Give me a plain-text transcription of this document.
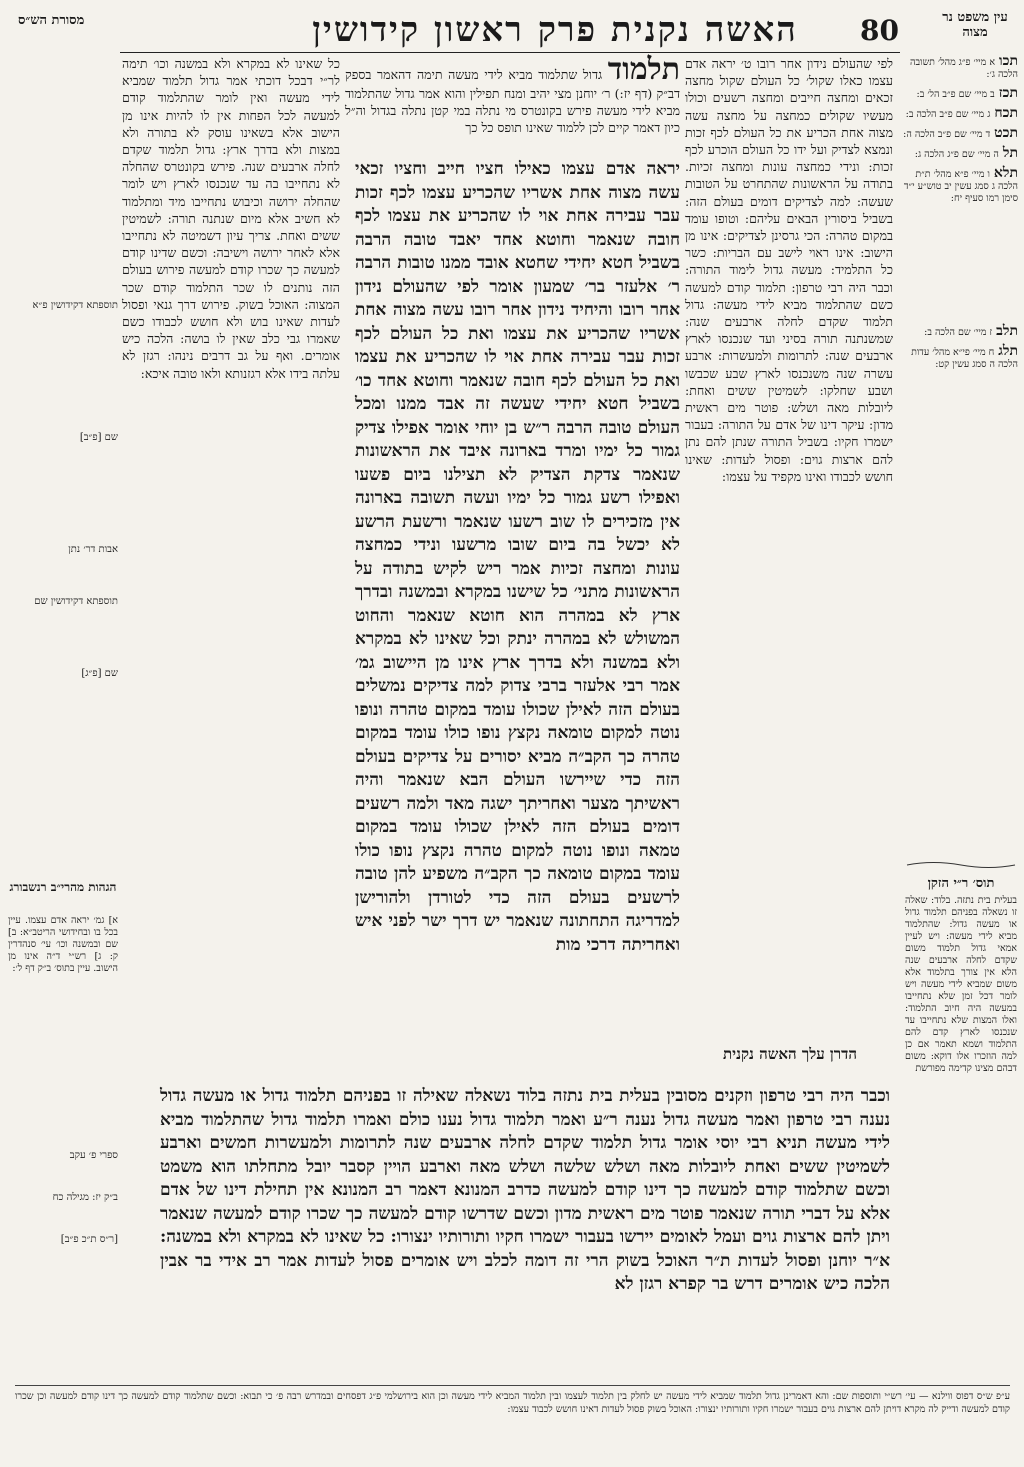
מסורת הש״ס	האשה נקנית פרק ראשון קידושין	80	עין משפט נר מצוה
תכוא מיי׳ פ״ג מהל׳ תשובה הלכה ג׳:
תכזב מיי׳ שם פ״ב הל׳ ב:
תכחג מיי׳ שם פ״ב הלכה ב:
תכטד מיי׳ שם פ״ב הלכה ה:
תלה מיי׳ שם פ״ג הלכה ג:
תלאו מיי׳ פ״א מהל׳ ת״ת הלכה ג סמג עשין יב טוש״ע י״ד סימן רמו סעיף יח:
תלבז מיי׳ שם הלכה ב:
תלגח מיי׳ פי״א מהל׳ עדות הלכה ה סמג עשין קט:
תוספתא דקידושין פ״א
שם [פ״ב]
אבות דר׳ נתן
תוספתא דקידושין שם
שם [פ״ג]
ספרי פ׳ עקב
ב״ק יז: מגילה כח
[ר״ס ת״כ פ״ב]
הגהות מהרי״ב רנשבורג
א] גמ׳ יראה אדם עצמו. עיין בכל בו ובחידושי הריטב״א: ב] שם ובמשנה וכו׳ עי׳ סנהדרין ק: ג] רש״י ד״ה אינו מן הישוב. עיין בתוס׳ ב״ק דף ל׳:
לפי שהעולם נידון אחר רובו ט׳ יראה אדם עצמו כאלו שקול׳ כל העולם שקול מחצה זכאים ומחצה חייבים ומחצה רשעים וכולו מעשיו שקולים כמחצה על מחצה עשה מצוה אחת הכריע את כל העולם לכף זכות ונמצא לצדיק ועל ידו כל העולם הוכרע לכף זכות: ונידי כמחצה עונות ומחצה זכיות. בתודה על הראשונות שהתחרט על הטובות שעשה: למה לצדיקים דומים בעולם הזה: בשביל ביסורין הבאים עליהם: וטופו עומד במקום טהרה: הכי גרסינן לצדיקים: אינו מן הישוב: אינו ראוי לישב עם הבריות: כשר כל התלמיד: מעשה גדול לימוד התורה: וכבר היה רבי טרפון: תלמוד קודם למעשה כשם שהתלמוד מביא לידי מעשה: גדול תלמוד שקדם לחלה ארבעים שנה: שמשנתנה תורה בסיני ועד שנכנסו לארץ ארבעים שנה: לתרומות ולמעשרות: ארבע עשרה שנה משנכנסו לארץ שבע שכבשו ושבע שחלקו: לשמיטין ששים ואחת: ליובלות מאה ושלש: פוטר מים ראשית מדון: עיקר דינו של אדם על התורה: בעבור ישמרו חקיו: בשביל התורה שנתן להם נתן להם ארצות גוים: ופסול לעדות: שאינו חושש לכבודו ואינו מקפיד על עצמו:
כל שאינו לא במקרא ולא במשנה וכו׳ תימה לר״י דבכל דוכתי אמר גדול תלמוד שמביא לידי מעשה ואין לומר שהתלמוד קודם למעשה לכל הפחות אין לו להיות אינו מן הישוב אלא בשאינו עוסק לא בתורה ולא במצות ולא בדרך ארץ: גדול תלמוד שקדם לחלה ארבעים שנה. פירש בקונטרס שהחלה לא נתחייבו בה עד שנכנסו לארץ ויש לומר שהחלה ירושה וכיבוש נתחייבו מיד ומתלמוד לא חשיב אלא מיום שנתנה תורה: לשמיטין ששים ואחת. צריך עיון דשמיטה לא נתחייבו אלא לאחר ירושה וישיבה: וכשם שדינו קודם למעשה כך שכרו קודם למעשה פירוש בעולם הזה נותנים לו שכר התלמוד קודם שכר המצוה: האוכל בשוק. פירוש דרך גנאי ופסול לעדות שאינו בוש ולא חושש לכבודו כשם שאמרו גבי כלב שאין לו בושה: הלכה כיש אומרים. ואף על גב דרבים נינהו: רגזן לא עלתה בידו אלא רגזנותא ולאו טובה איכא:
תלמוד גדול שתלמוד מביא לידי מעשה תימה דהאמר בספק דב״ק (דף יז:) ר׳ יוחנן מצי יהיב ומנח תפילין והוא אמר גדול שהתלמוד מביא לידי מעשה פירש בקונטרס מי נתלה במי קטן נתלה בגדול וה״ל כיון דאמר קיים לכן ללמוד שאינו תופס כל כך
יראה אדם עצמו כאילו חציו חייב וחציו זכאי עשה מצוה אחת אשריו שהכריע עצמו לכף זכות עבר עבירה אחת אוי לו שהכריע את עצמו לכף חובה שנאמר וחוטא אחד יאבד טובה הרבה בשביל חטא יחידי שחטא אובד ממנו טובות הרבה ר׳ אלעזר בר׳ שמעון אומר לפי שהעולם נידון אחר רובו והיחיד נידון אחר רובו עשה מצוה אחת אשריו שהכריע את עצמו ואת כל העולם לכף זכות עבר עבירה אחת אוי לו שהכריע את עצמו ואת כל העולם לכף חובה שנאמר וחוטא אחד כו׳ בשביל חטא יחידי שעשה זה אבד ממנו ומכל העולם טובה הרבה ר״ש בן יוחי אומר אפילו צדיק גמור כל ימיו ומרד בארונה איבד את הראשונות שנאמר צדקת הצדיק לא תצילנו ביום פשעו ואפילו רשע גמור כל ימיו ועשה תשובה בארונה אין מזכירים לו שוב רשעו שנאמר ורשעת הרשע לא יכשל בה ביום שובו מרשעו ונידי כמחצה עונות ומחצה זכיות אמר ריש לקיש בתודה על הראשונות מתני׳ כל שישנו במקרא ובמשנה ובדרך ארץ לא במהרה הוא חוטא שנאמר והחוט המשולש לא במהרה ינתק וכל שאינו לא במקרא ולא במשנה ולא בדרך ארץ אינו מן היישוב גמ׳ אמר רבי אלעזר ברבי צדוק למה צדיקים נמשלים בעולם הזה לאילן שכולו עומד במקום טהרה ונופו נוטה למקום טומאה נקצץ נופו כולו עומד במקום טהרה כך הקב״ה מביא יסורים על צדיקים בעולם הזה כדי שיירשו העולם הבא שנאמר והיה ראשיתך מצער ואחריתך ישגה מאד ולמה רשעים דומים בעולם הזה לאילן שכולו עומד במקום טמאה ונופו נוטה למקום טהרה נקצץ נופו כולו עומד במקום טומאה כך הקב״ה משפיע להן טובה לרשעים בעולם הזה כדי לטורדן ולהורישן למדריגה התחתונה שנאמר יש דרך ישר לפני איש ואחריתה דרכי מות
הדרן עלך האשה נקנית
תוס׳ ר״י הזקן
בעלית בית נתזה. בלוד: שאלה זו נשאלה בפניהם תלמוד גדול או מעשה גדול: שהתלמוד מביא לידי מעשה: ויש לעיין אמאי גדול תלמוד משום שקדם לחלה ארבעים שנה הלא אין צורך בתלמוד אלא משום שמביא לידי מעשה ויש לומר דכל זמן שלא נתחייבו במעשה היה חיוב התלמוד: ואלו המצות שלא נתחייבו עד שנכנסו לארץ קדם להם התלמוד ושמא תאמר אם כן למה הוזכרו אלו דוקא: משום דבהם מצינו קדימה מפורשת
וכבר היה רבי טרפון וזקנים מסובין בעלית בית נתזה בלוד נשאלה שאילה זו בפניהם תלמוד גדול או מעשה גדול נענה רבי טרפון ואמר מעשה גדול נענה ר״ע ואמר תלמוד גדול נענו כולם ואמרו תלמוד גדול שהתלמוד מביא לידי מעשה תניא רבי יוסי אומר גדול תלמוד שקדם לחלה ארבעים שנה לתרומות ולמעשרות חמשים וארבע לשמיטין ששים ואחת ליובלות מאה ושלש שלשה ושלש מאה וארבע הויין קסבר יובל מתחלתו הוא משמט וכשם שתלמוד קודם למעשה כך דינו קודם למעשה כדרב המנונא דאמר רב המנונא אין תחילת דינו של אדם אלא על דברי תורה שנאמר פוטר מים ראשית מדון וכשם שדרשו קודם למעשה כך שכרו קודם למעשה שנאמר ויתן להם ארצות גוים ועמל לאומים יירשו בעבור ישמרו חקיו ותורותיו ינצורו: כל שאינו לא במקרא ולא במשנה: א״ר יוחנן ופסול לעדות ת״ר האוכל בשוק הרי זה דומה לכלב ויש אומרים פסול לעדות אמר רב אידי בר אבין הלכה כיש אומרים דרש בר קפרא רגזן לא
ע״פ ש״ס דפוס ווילנא — עי׳ רש״י ותוספות שם: והא דאמרינן גדול תלמוד שמביא לידי מעשה יש לחלק בין תלמוד לעצמו ובין תלמוד המביא לידי מעשה וכן הוא בירושלמי פ״ג דפסחים ובמדרש רבה פ׳ כי תבוא: וכשם שתלמוד קודם למעשה כך דינו קודם למעשה וכן שכרו קודם למעשה ודייק לה מקרא דויתן להם ארצות גוים בעבור ישמרו חקיו ותורותיו ינצורו: האוכל בשוק פסול לעדות דאינו חושש לכבוד עצמו:
